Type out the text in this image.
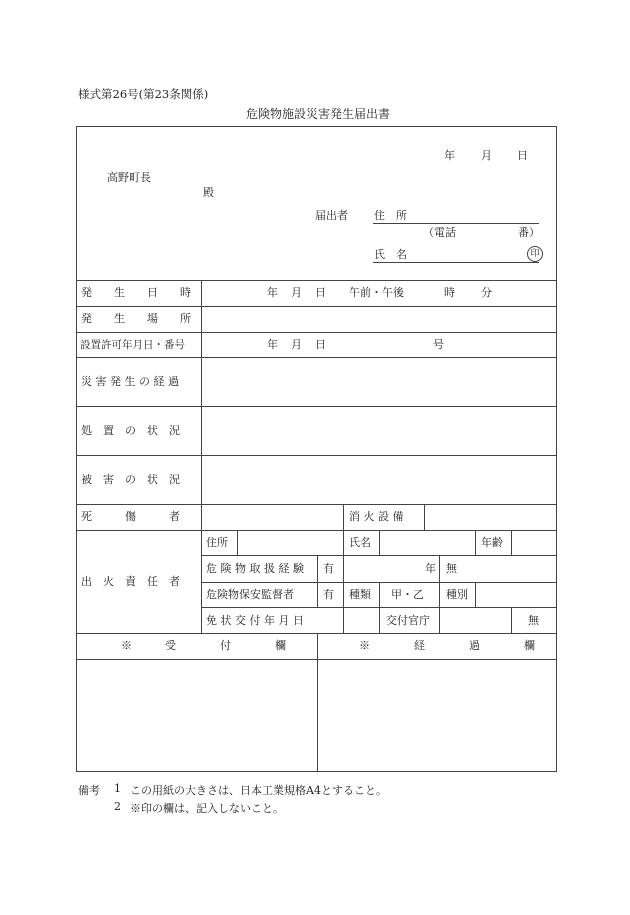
様式第26号(第23条関係)
危険物施設災害発生届出書
年 月 日
高野町長
殿
届出者 住　所
（電話	番）
氏　名	印
発　　生　　日　　時	年 月 日 午前・午後	時 分
発　　生　　場　　所
設置許可年月日・番号	年 月 日	号
災 害 発 生 の 経 過
処　置　の　状　況
被　害　の　状　況
死　　　傷　　　者	消 火 設 備
出　火　責　任　者
住所	氏名	年齢
危 険 物 取 扱 経 験 有	年 無
危険物保安監督者	有 種類 甲・乙 種別
免 状 交 付 年 月 日	交付官庁	無
※　　　受　　　　付　　　　欄	※　　　　経　　　　過　　　　欄
備考 1 この用紙の大きさは、日本工業規格A4とすること。
2 ※印の欄は、記入しないこと。
